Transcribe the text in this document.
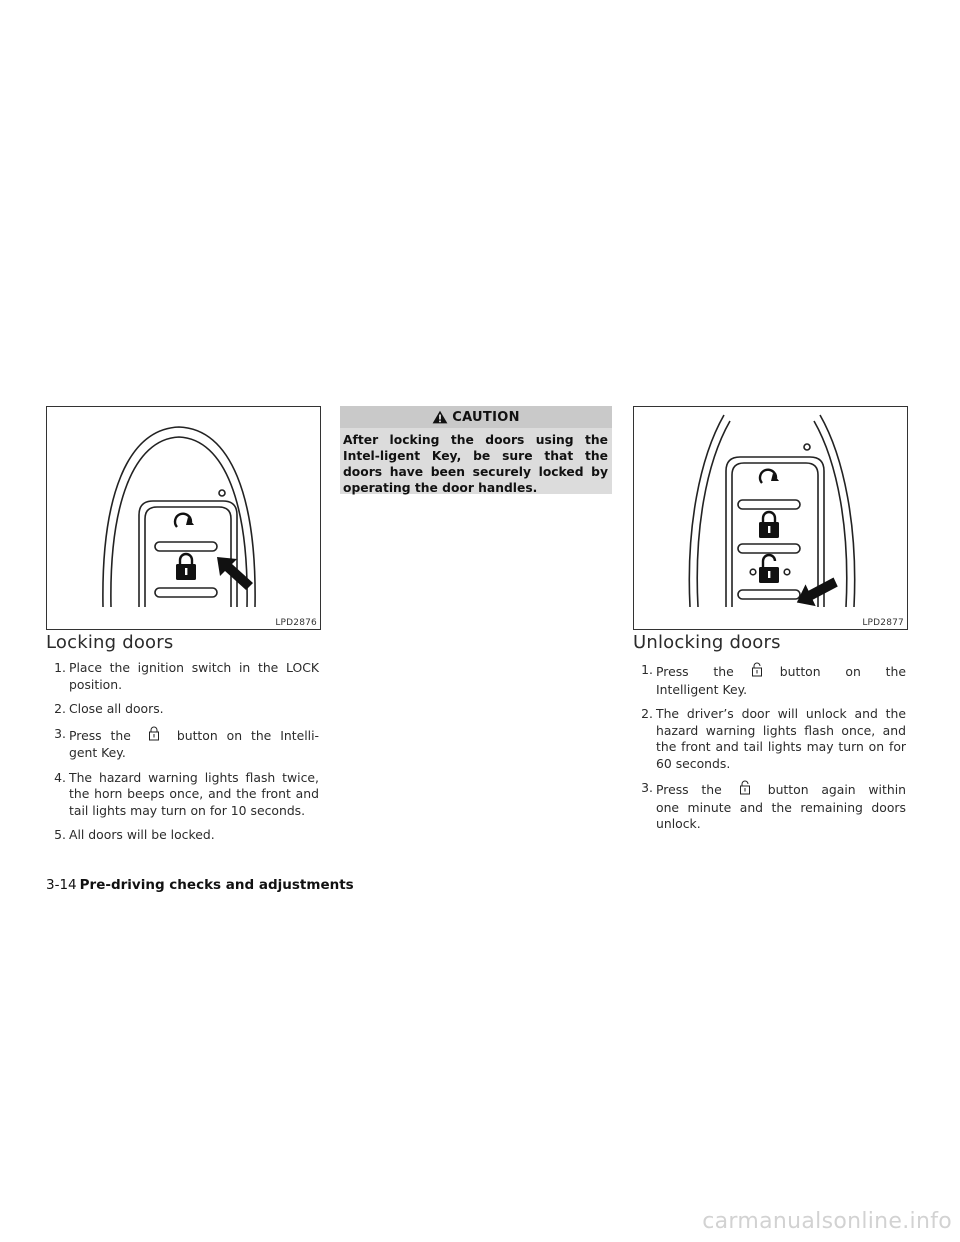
LPD2876
Locking doors
1. Place the ignition switch in the LOCK position.
2. Close all doors.
3. Press the	button on the Intelli-gent Key.
4. The hazard warning lights flash twice, the horn beeps once, and the front and tail lights may turn on for 10 seconds.
5. All doors will be locked.
CAUTION
After locking the doors using the Intel-ligent Key, be sure that the doors have been securely locked by operating the door handles.
LPD2877
Unlocking doors
1. Press the	button on the Intelligent Key.
2. The driver’s door will unlock and the hazard warning lights flash once, and the front and tail lights may turn on for 60 seconds.
3. Press the	button again within one minute and the remaining doors unlock.
3-14 Pre-driving checks and adjustments
carmanualsonline.info
